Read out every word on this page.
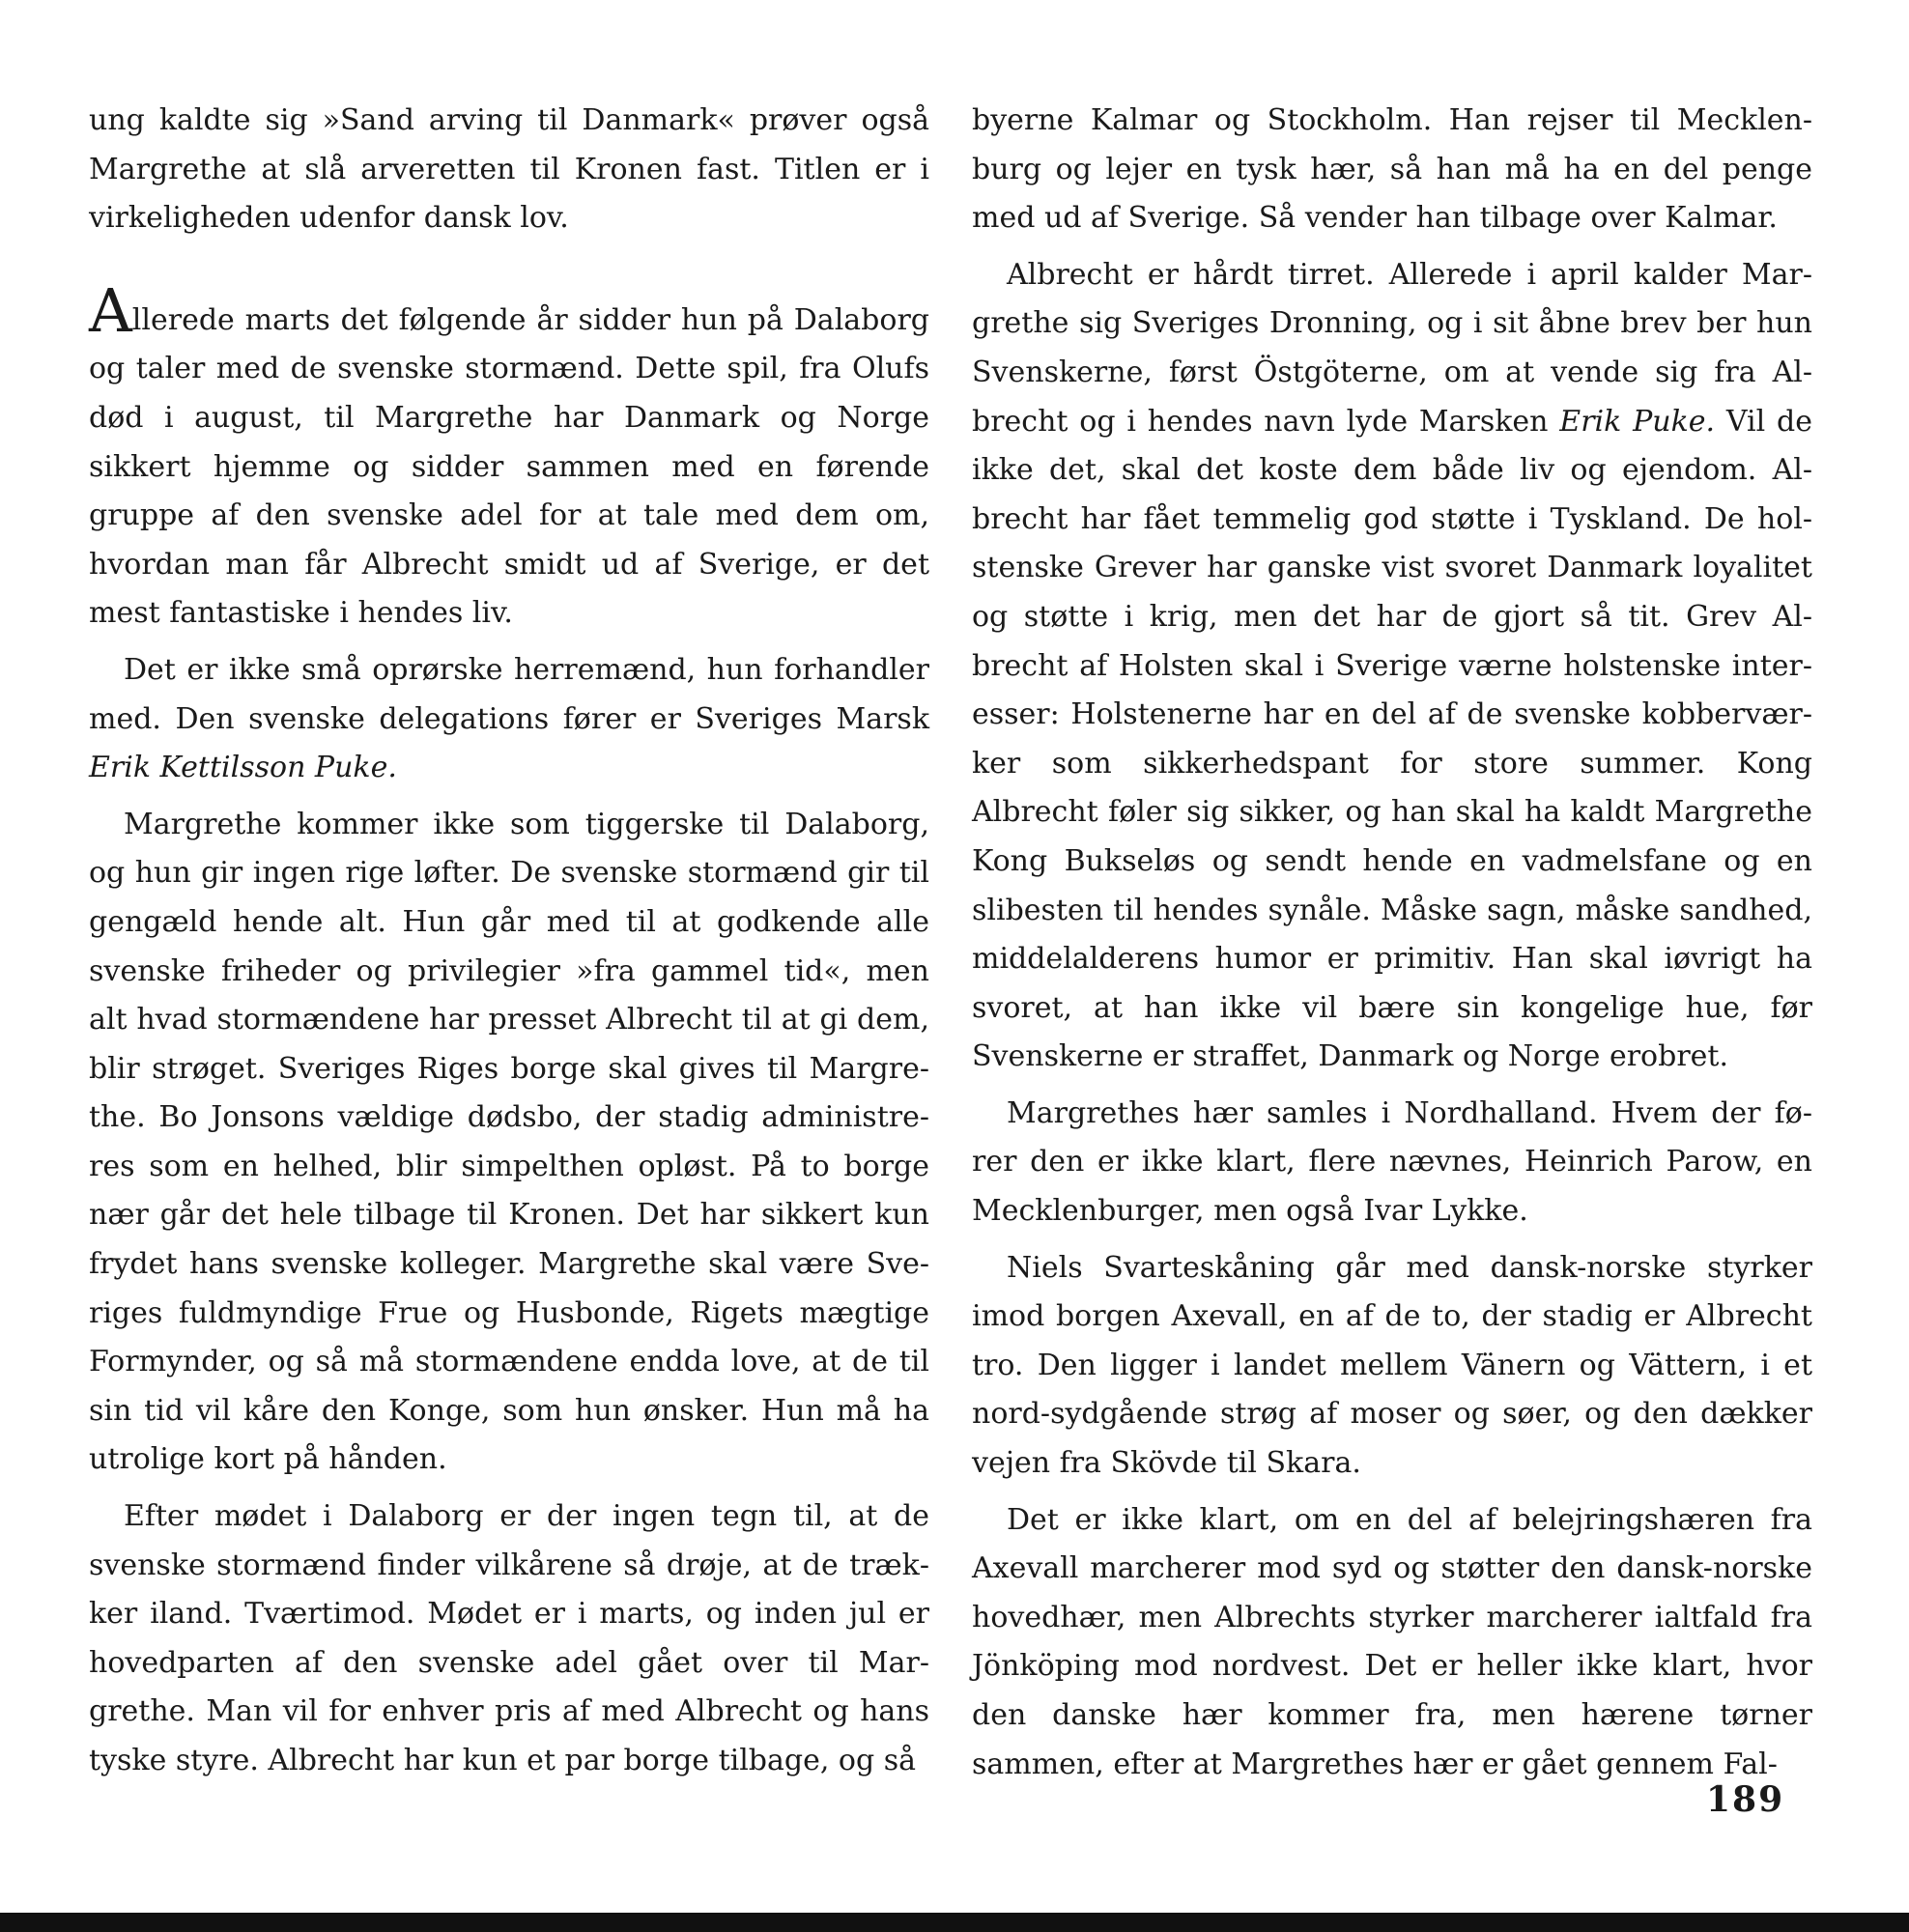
ung kaldte sig »Sand arving til Danmark« prøver også Margrethe at slå arveretten til Kronen fast. Titlen er i virkeligheden udenfor dansk lov.

Allerede marts det følgende år sidder hun på Dalaborg og taler med de svenske stormænd. Dette spil, fra Olufs død i august, til Margrethe har Danmark og Norge sikkert hjemme og sidder sammen med en førende gruppe af den svenske adel for at tale med dem om, hvordan man får Albrecht smidt ud af Sverige, er det mest fantastiske i hendes liv.

Det er ikke små oprørske herremænd, hun forhandler med. Den svenske delegations fører er Sveriges Marsk Erik Kettilsson Puke.

Margrethe kommer ikke som tiggerske til Dalaborg, og hun gir ingen rige løfter. De svenske stormænd gir til gengæld hende alt. Hun går med til at godkende alle svenske friheder og privilegier »fra gammel tid«, men alt hvad stormændene har presset Albrecht til at gi dem, blir strøget. Sveriges Riges borge skal gives til Margrethe. Bo Jonsons vældige dødsbo, der stadig administreres som en helhed, blir simpelthen opløst. På to borge nær går det hele tilbage til Kronen. Det har sikkert kun frydet hans svenske kolleger. Margrethe skal være Sveriges fuldmyndige Frue og Husbonde, Rigets mægtige Formynder, og så må stormændene endda love, at de til sin tid vil kåre den Konge, som hun ønsker. Hun må ha utrolige kort på hånden.

Efter mødet i Dalaborg er der ingen tegn til, at de svenske stormænd finder vilkårene så drøje, at de trækker iland. Tværtimod. Mødet er i marts, og inden jul er hovedparten af den svenske adel gået over til Margrethe. Man vil for enhver pris af med Albrecht og hans tyske styre. Albrecht har kun et par borge tilbage, og så

byerne Kalmar og Stockholm. Han rejser til Mecklenburg og lejer en tysk hær, så han må ha en del penge med ud af Sverige. Så vender han tilbage over Kalmar.

Albrecht er hårdt tirret. Allerede i april kalder Margrethe sig Sveriges Dronning, og i sit åbne brev ber hun Svenskerne, først Östgöterne, om at vende sig fra Albrecht og i hendes navn lyde Marsken Erik Puke. Vil de ikke det, skal det koste dem både liv og ejendom. Albrecht har fået temmelig god støtte i Tyskland. De holstenske Grever har ganske vist svoret Danmark loyalitet og støtte i krig, men det har de gjort så tit. Grev Albrecht af Holsten skal i Sverige værne holstenske interesser: Holstenerne har en del af de svenske kobberværker som sikkerhedspant for store summer. Kong Albrecht føler sig sikker, og han skal ha kaldt Margrethe Kong Bukseløs og sendt hende en vadmelsfane og en slibesten til hendes synåle. Måske sagn, måske sandhed, middelalderens humor er primitiv. Han skal iøvrigt ha svoret, at han ikke vil bære sin kongelige hue, før Svenskerne er straffet, Danmark og Norge erobret.

Margrethes hær samles i Nordhalland. Hvem der fører den er ikke klart, flere nævnes, Heinrich Parow, en Mecklenburger, men også Ivar Lykke.

Niels Svarteskåning går med dansk-norske styrker imod borgen Axevall, en af de to, der stadig er Albrecht tro. Den ligger i landet mellem Vänern og Vättern, i et nord-sydgående strøg af moser og søer, og den dækker vejen fra Skövde til Skara.

Det er ikke klart, om en del af belejringshæren fra Axevall marcherer mod syd og støtter den dansk-norske hovedhær, men Albrechts styrker marcherer ialtfald fra Jönköping mod nordvest. Det er heller ikke klart, hvor den danske hær kommer fra, men hærene tørner sammen, efter at Margrethes hær er gået gennem Fal-

189
